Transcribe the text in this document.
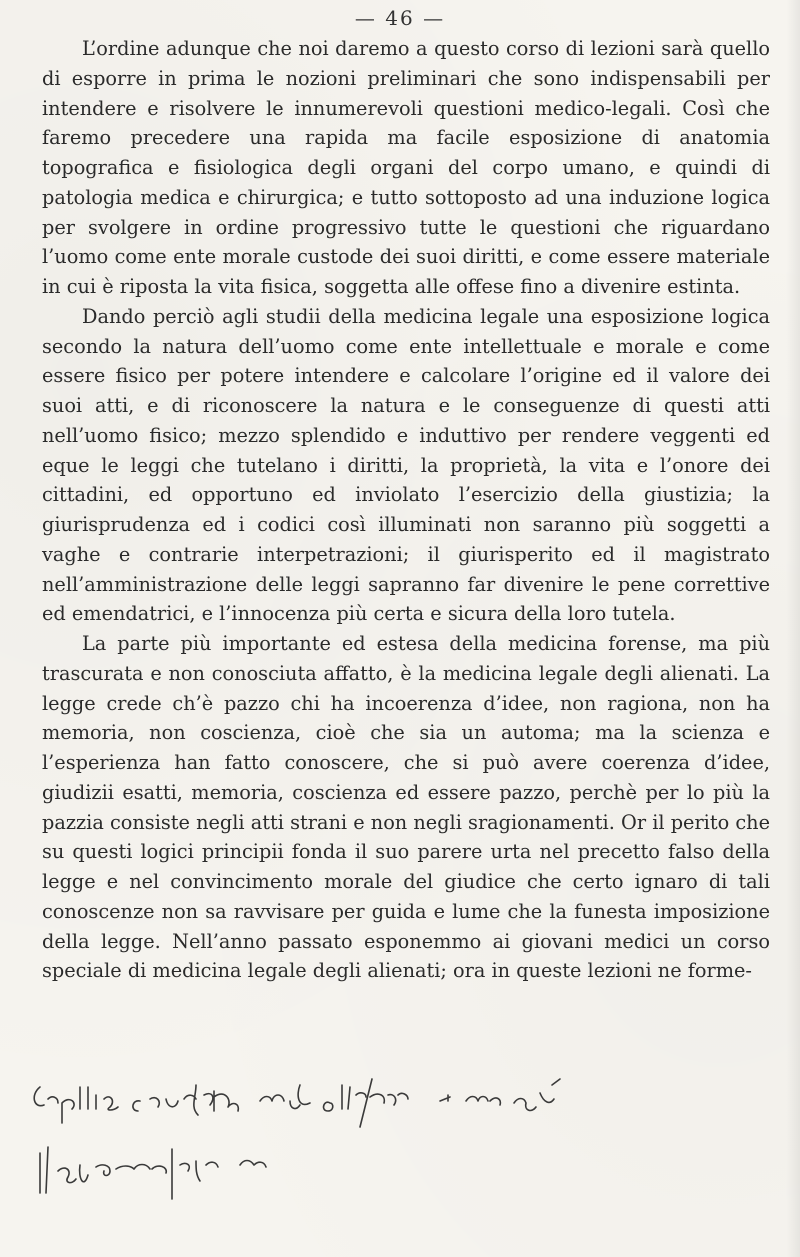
— 46 —

L’ordine adunque che noi daremo a questo corso di lezioni sarà quello di esporre in prima le nozioni preliminari che sono indispensabili per intendere e risolvere le innumerevoli questioni medico-legali. Così che faremo precedere una rapida ma facile esposizione di anatomia topografica e fisiologica degli organi del corpo umano, e quindi di patologia medica e chirurgica; e tutto sottoposto ad una induzione logica per svolgere in ordine progressivo tutte le questioni che riguardano l’uomo come ente morale custode dei suoi diritti, e come essere materiale in cui è riposta la vita fisica, soggetta alle offese fino a divenire estinta.

Dando perciò agli studii della medicina legale una esposizione logica secondo la natura dell’uomo come ente intellettuale e morale e come essere fisico per potere intendere e calcolare l’origine ed il valore dei suoi atti, e di riconoscere la natura e le conseguenze di questi atti nell’uomo fisico; mezzo splendido e induttivo per rendere veggenti ed eque le leggi che tutelano i diritti, la proprietà, la vita e l’onore dei cittadini, ed opportuno ed inviolato l’esercizio della giustizia; la giurisprudenza ed i codici così illuminati non saranno più soggetti a vaghe e contrarie interpetrazioni; il giurisperito ed il magistrato nell’amministrazione delle leggi sapranno far divenire le pene correttive ed emendatrici, e l’innocenza più certa e sicura della loro tutela.

La parte più importante ed estesa della medicina forense, ma più trascurata e non conosciuta affatto, è la medicina legale degli alienati. La legge crede ch’è pazzo chi ha incoerenza d’idee, non ragiona, non ha memoria, non coscienza, cioè che sia un automa; ma la scienza e l’esperienza han fatto conoscere, che si può avere coerenza d’idee, giudizii esatti, memoria, coscienza ed essere pazzo, perchè per lo più la pazzia consiste negli atti strani e non negli sragionamenti. Or il perito che su questi logici principii fonda il suo parere urta nel precetto falso della legge e nel convincimento morale del giudice che certo ignaro di tali conoscenze non sa ravvisare per guida e lume che la funesta imposizione della legge. Nell’anno passato esponemmo ai giovani medici un corso speciale di medicina legale degli alienati; ora in queste lezioni ne forme-
